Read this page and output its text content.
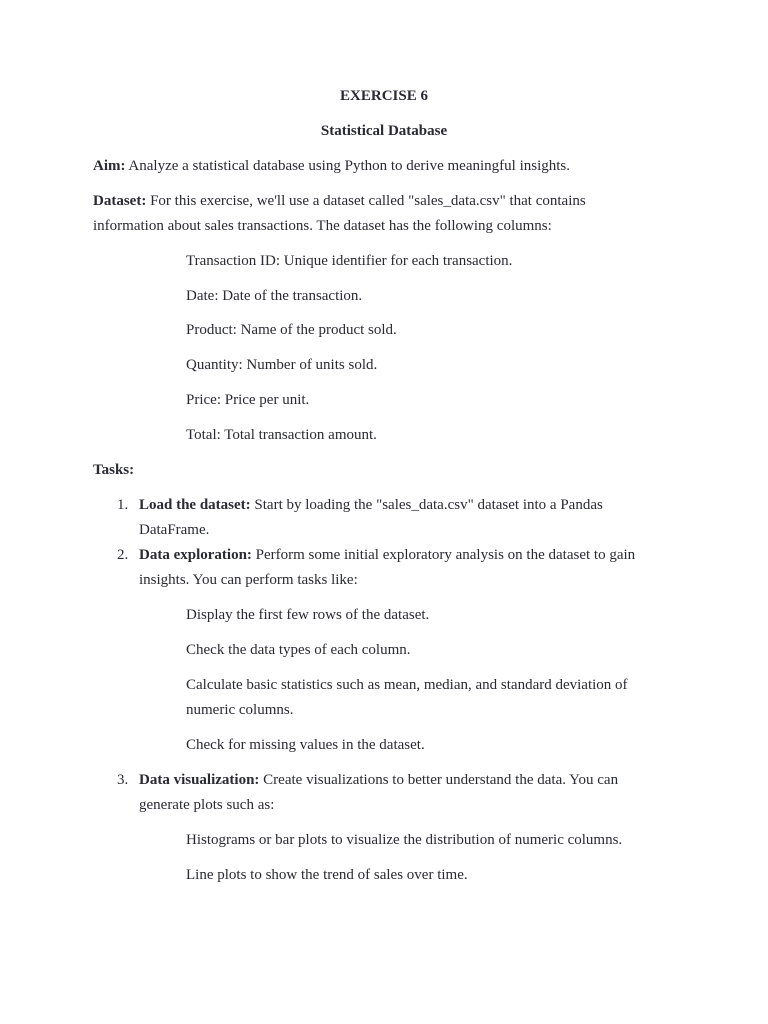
EXERCISE 6
Statistical Database
Aim: Analyze a statistical database using Python to derive meaningful insights.
Dataset: For this exercise, we'll use a dataset called "sales_data.csv" that contains
information about sales transactions. The dataset has the following columns:
Transaction ID: Unique identifier for each transaction.
Date: Date of the transaction.
Product: Name of the product sold.
Quantity: Number of units sold.
Price: Price per unit.
Total: Total transaction amount.
Tasks:
1. Load the dataset: Start by loading the "sales_data.csv" dataset into a Pandas
DataFrame.
2. Data exploration: Perform some initial exploratory analysis on the dataset to gain
insights. You can perform tasks like:
Display the first few rows of the dataset.
Check the data types of each column.
Calculate basic statistics such as mean, median, and standard deviation of
numeric columns.
Check for missing values in the dataset.
3. Data visualization: Create visualizations to better understand the data. You can
generate plots such as:
Histograms or bar plots to visualize the distribution of numeric columns.
Line plots to show the trend of sales over time.
